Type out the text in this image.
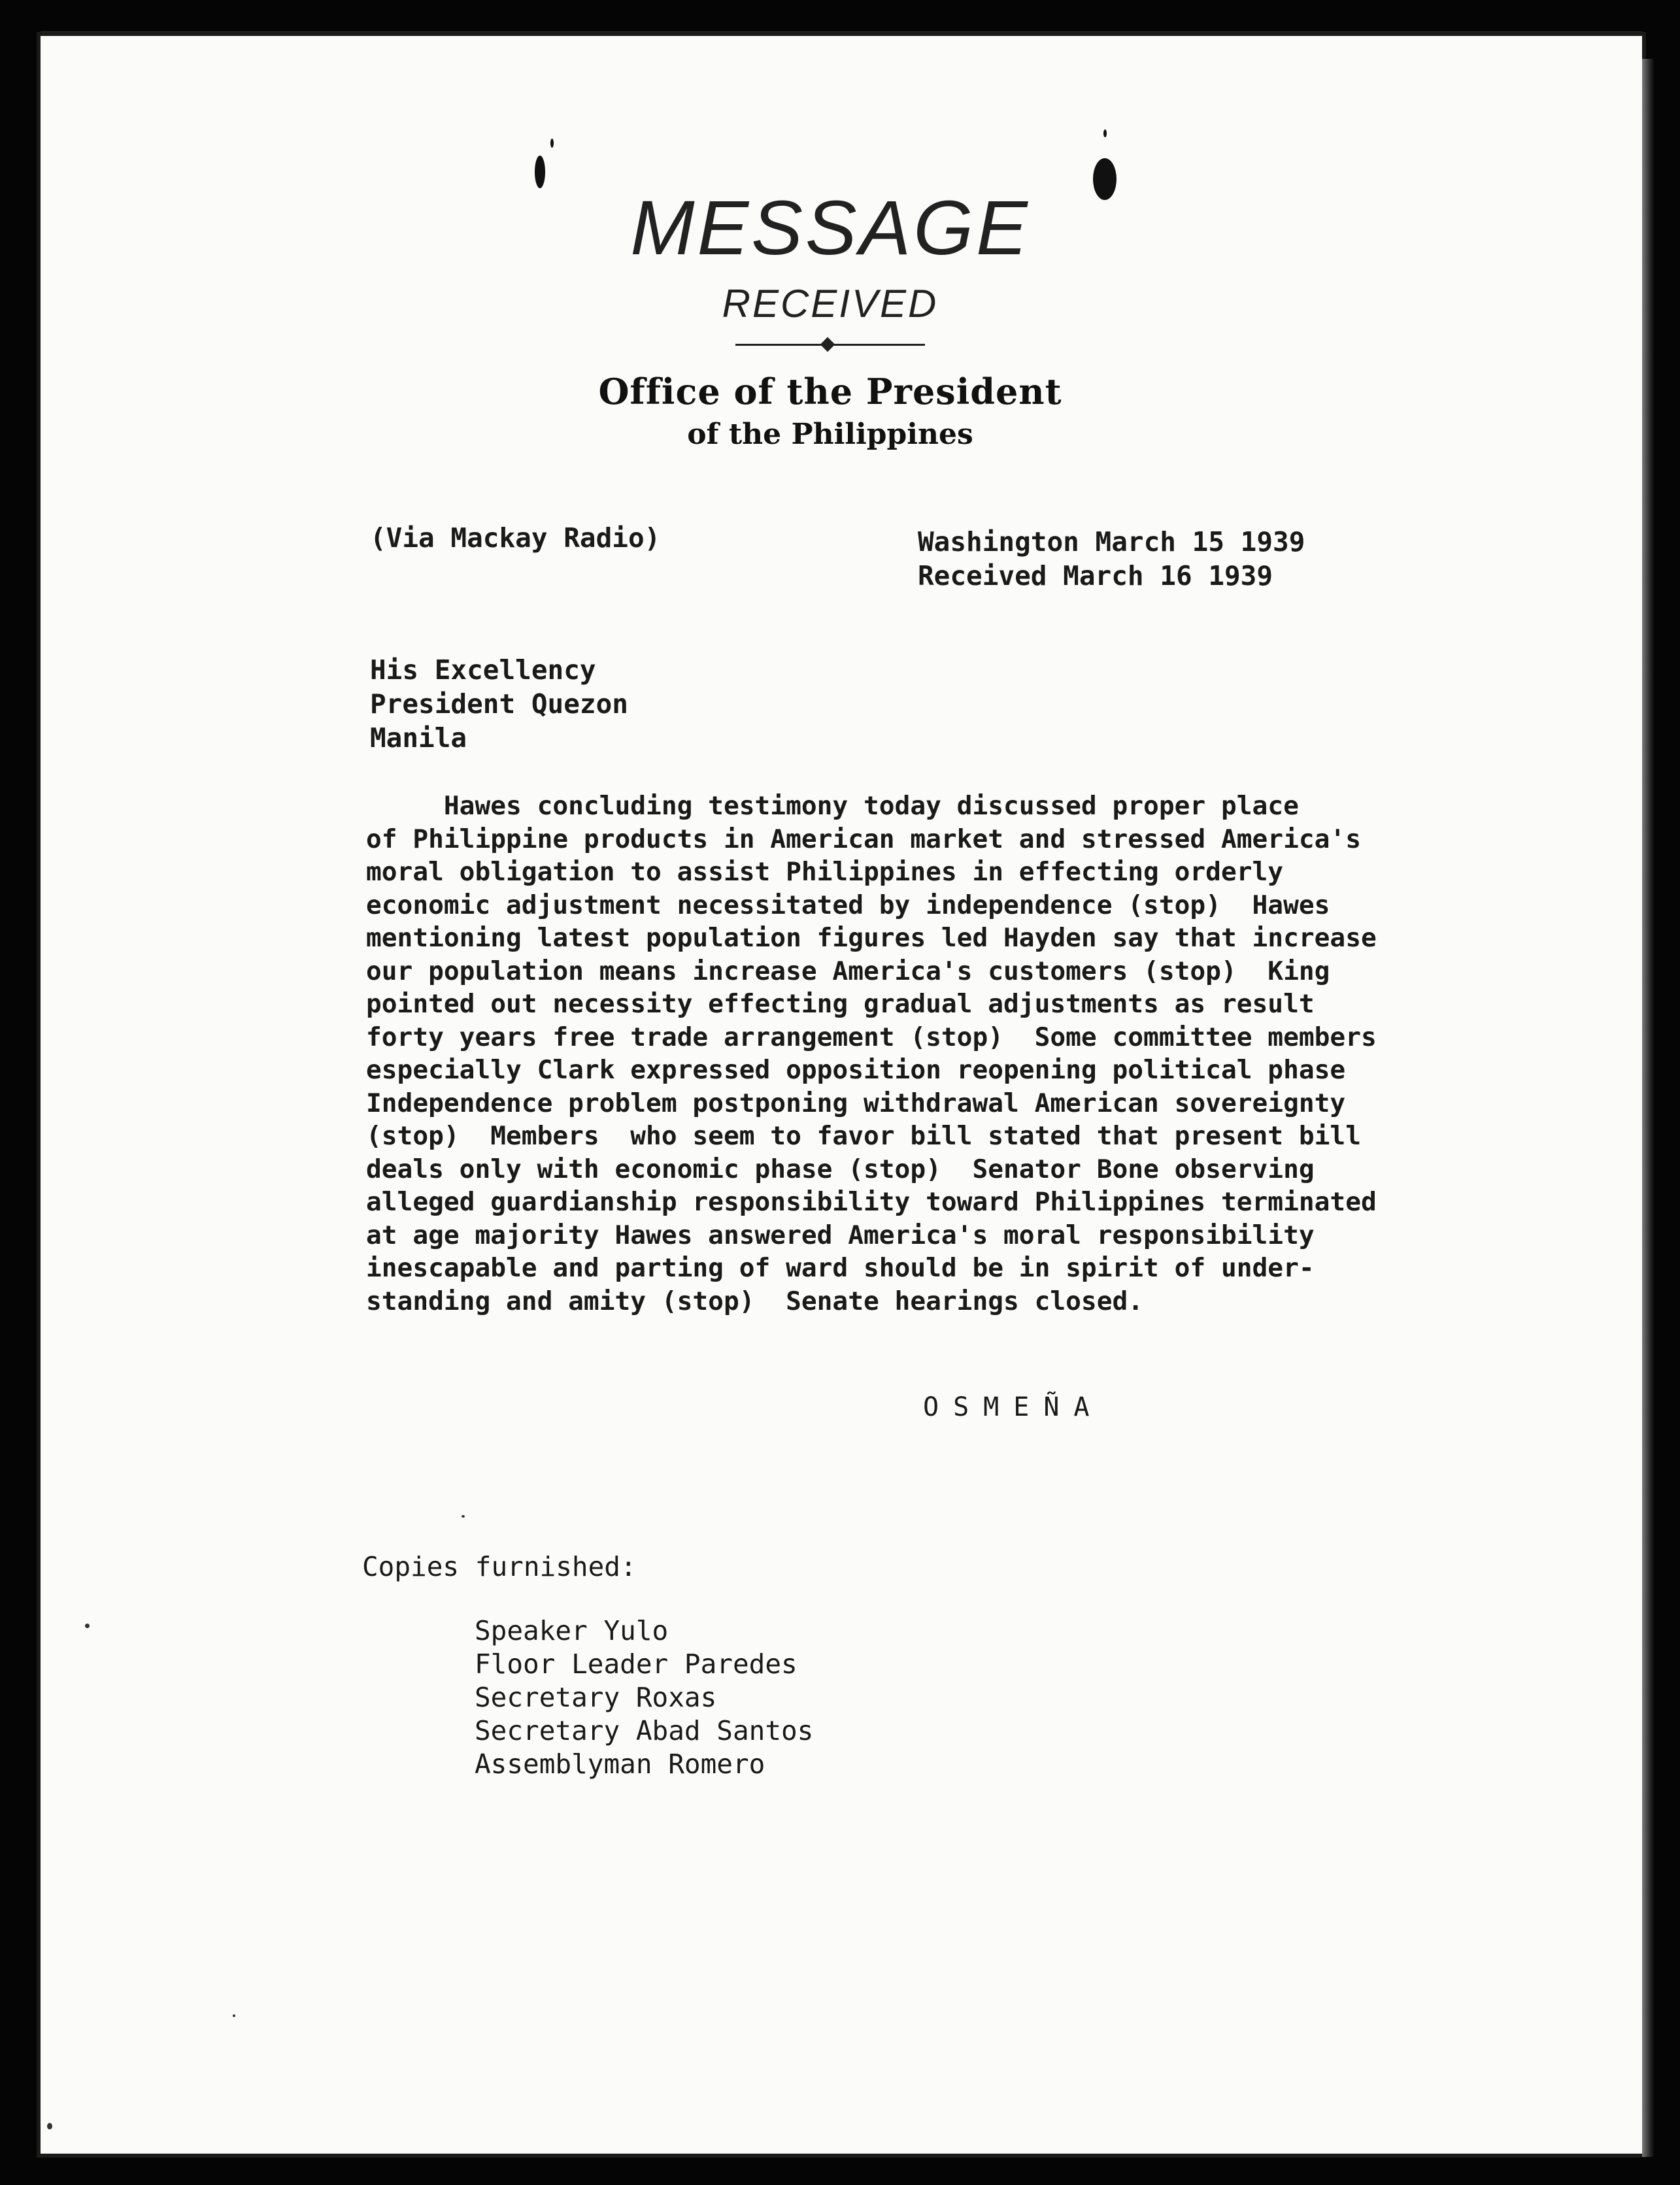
MESSAGE
RECEIVED
Office of the President
of the Philippines
(Via Mackay Radio)	Washington March 15 1939
Received March 16 1939
His Excellency
President Quezon
Manila
Hawes concluding testimony today discussed proper place
of Philippine products in American market and stressed America's
moral obligation to assist Philippines in effecting orderly
economic adjustment necessitated by independence (stop)  Hawes
mentioning latest population figures led Hayden say that increase
our population means increase America's customers (stop)  King
pointed out necessity effecting gradual adjustments as result
forty years free trade arrangement (stop)  Some committee members
especially Clark expressed opposition reopening political phase
Independence problem postponing withdrawal American sovereignty
(stop)  Members  who seem to favor bill stated that present bill
deals only with economic phase (stop)  Senator Bone observing
alleged guardianship responsibility toward Philippines terminated
at age majority Hawes answered America's moral responsibility
inescapable and parting of ward should be in spirit of under-
standing and amity (stop)  Senate hearings closed.
OSMEÑA
Copies furnished:
Speaker Yulo
Floor Leader Paredes
Secretary Roxas
Secretary Abad Santos
Assemblyman Romero
